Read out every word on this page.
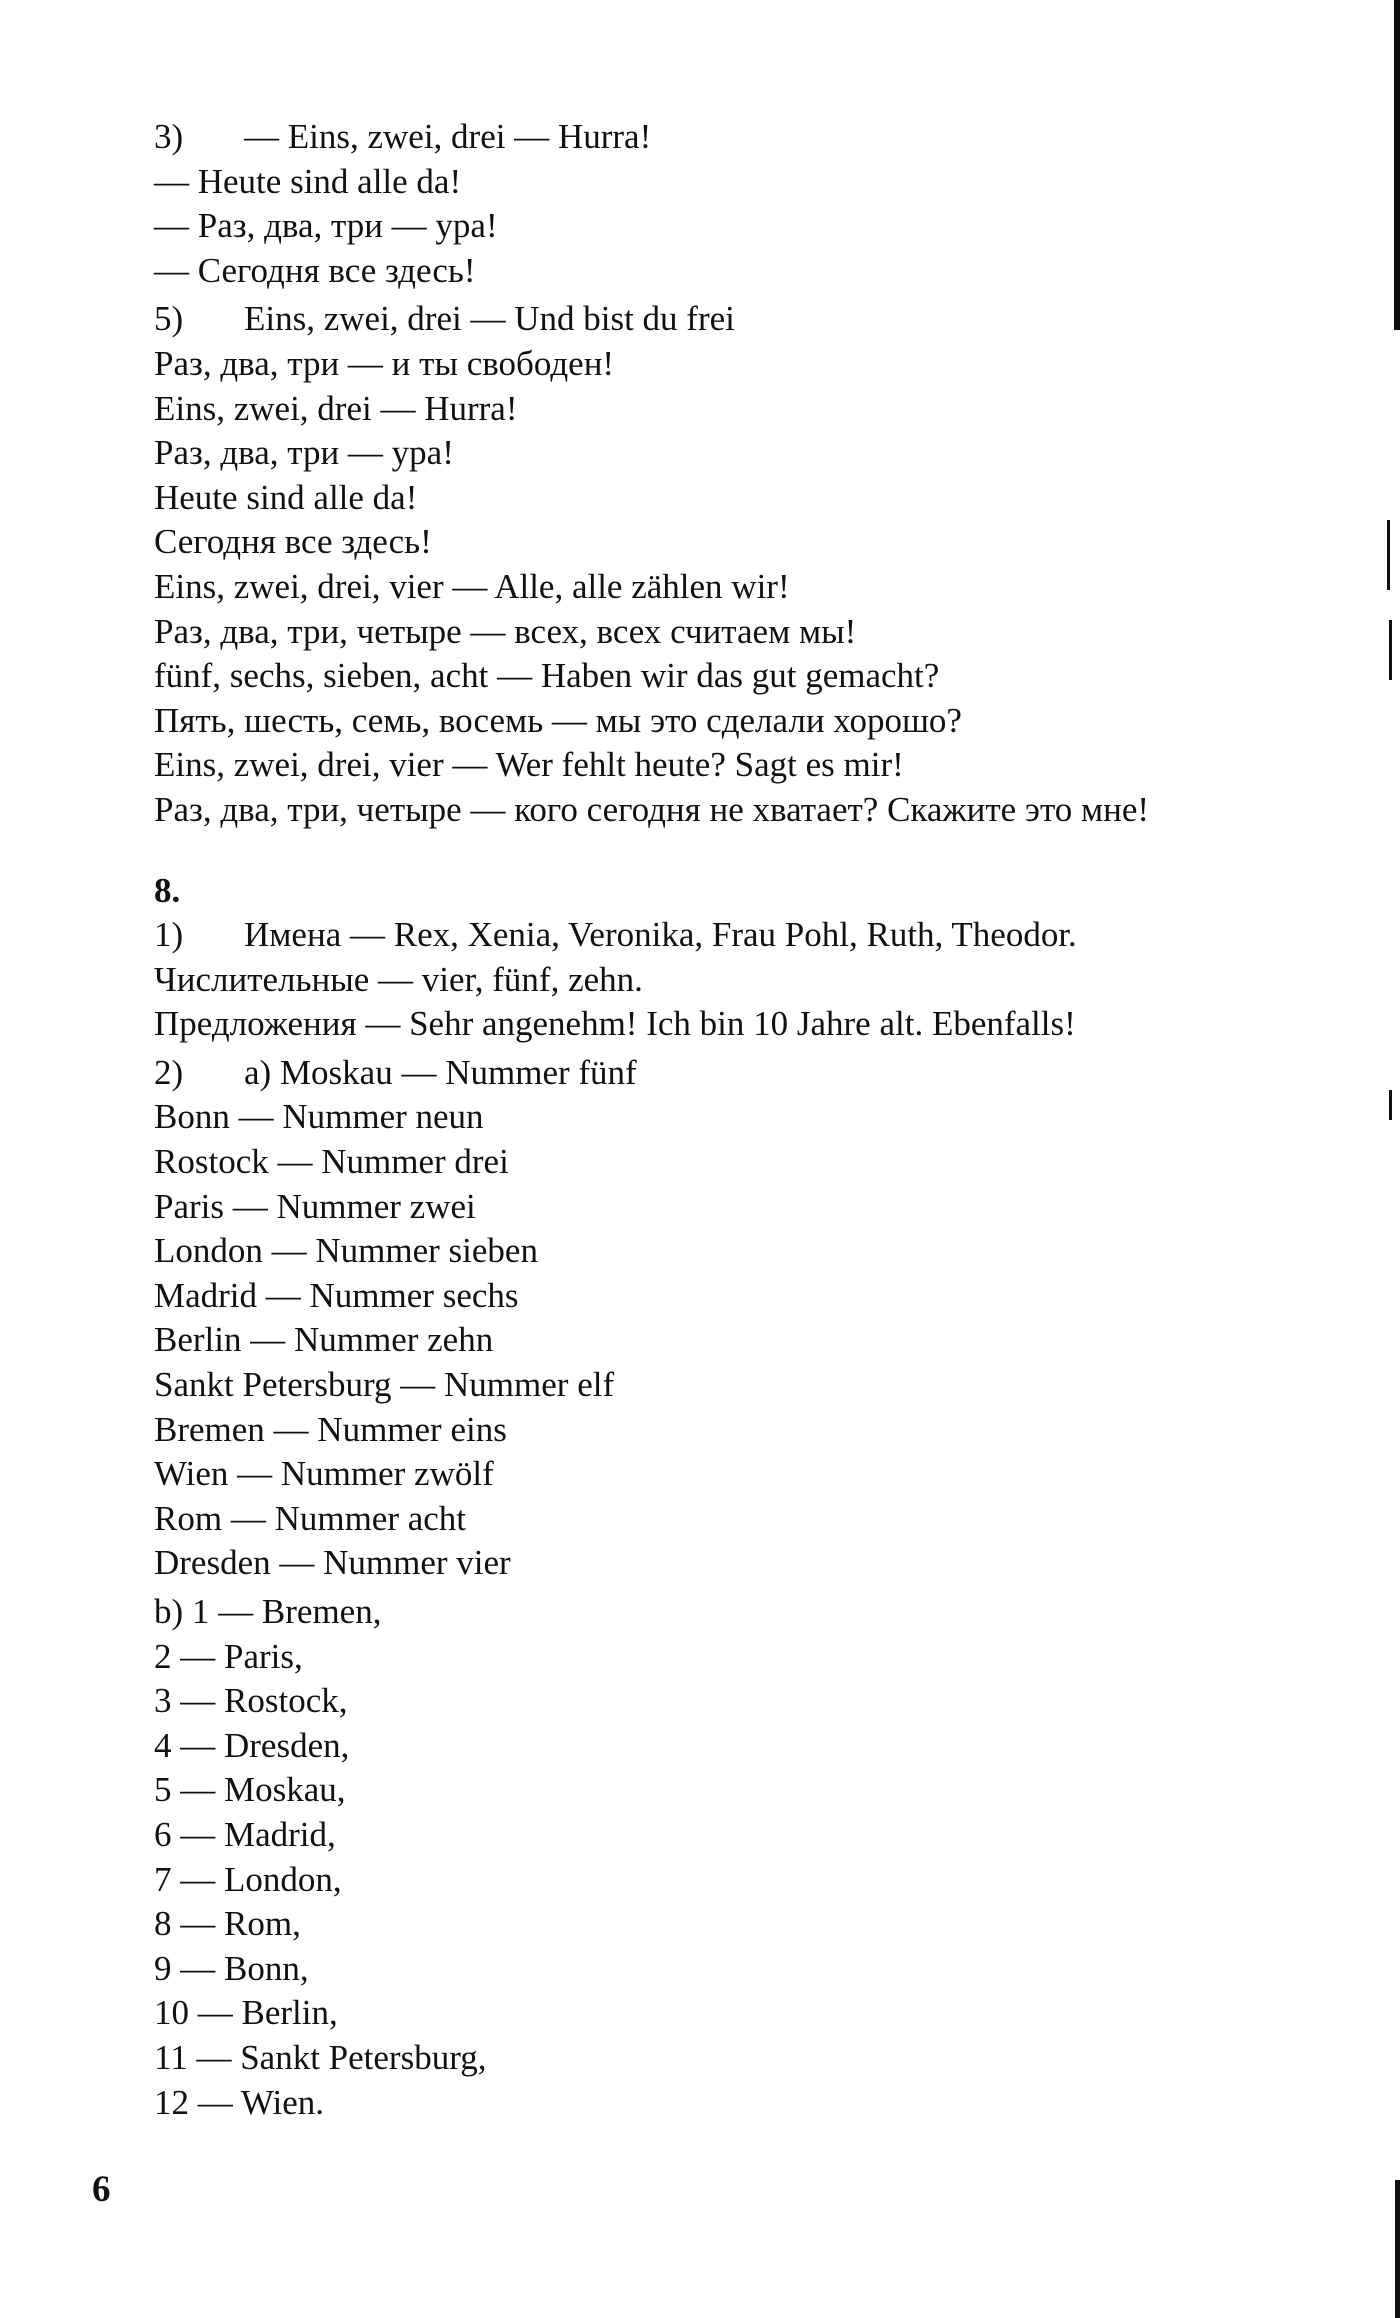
3) — Eins, zwei, drei — Hurra!
— Heute sind alle da!
— Раз, два, три — ура!
— Сегодня все здесь!
5) Eins, zwei, drei — Und bist du frei
Раз, два, три — и ты свободен!
Eins, zwei, drei — Hurra!
Раз, два, три — ура!
Heute sind alle da!
Сегодня все здесь!
Eins, zwei, drei, vier — Alle, alle zählen wir!
Раз, два, три, четыре — всех, всех считаем мы!
fünf, sechs, sieben, acht — Haben wir das gut gemacht?
Пять, шесть, семь, восемь — мы это сделали хорошо?
Eins, zwei, drei, vier — Wer fehlt heute? Sagt es mir!
Раз, два, три, четыре — кого сегодня не хватает? Скажите это мне!
8.
1) Имена — Rex, Xenia, Veronika, Frau Pohl, Ruth, Theodor.
Числительные — vier, fünf, zehn.
Предложения — Sehr angenehm! Ich bin 10 Jahre alt. Ebenfalls!
2) a) Moskau — Nummer fünf
Bonn — Nummer neun
Rostock — Nummer drei
Paris — Nummer zwei
London — Nummer sieben
Madrid — Nummer sechs
Berlin — Nummer zehn
Sankt Petersburg — Nummer elf
Bremen — Nummer eins
Wien — Nummer zwölf
Rom — Nummer acht
Dresden — Nummer vier
b) 1 — Bremen,
2 — Paris,
3 — Rostock,
4 — Dresden,
5 — Moskau,
6 — Madrid,
7 — London,
8 — Rom,
9 — Bonn,
10 — Berlin,
11 — Sankt Petersburg,
12 — Wien.
6
